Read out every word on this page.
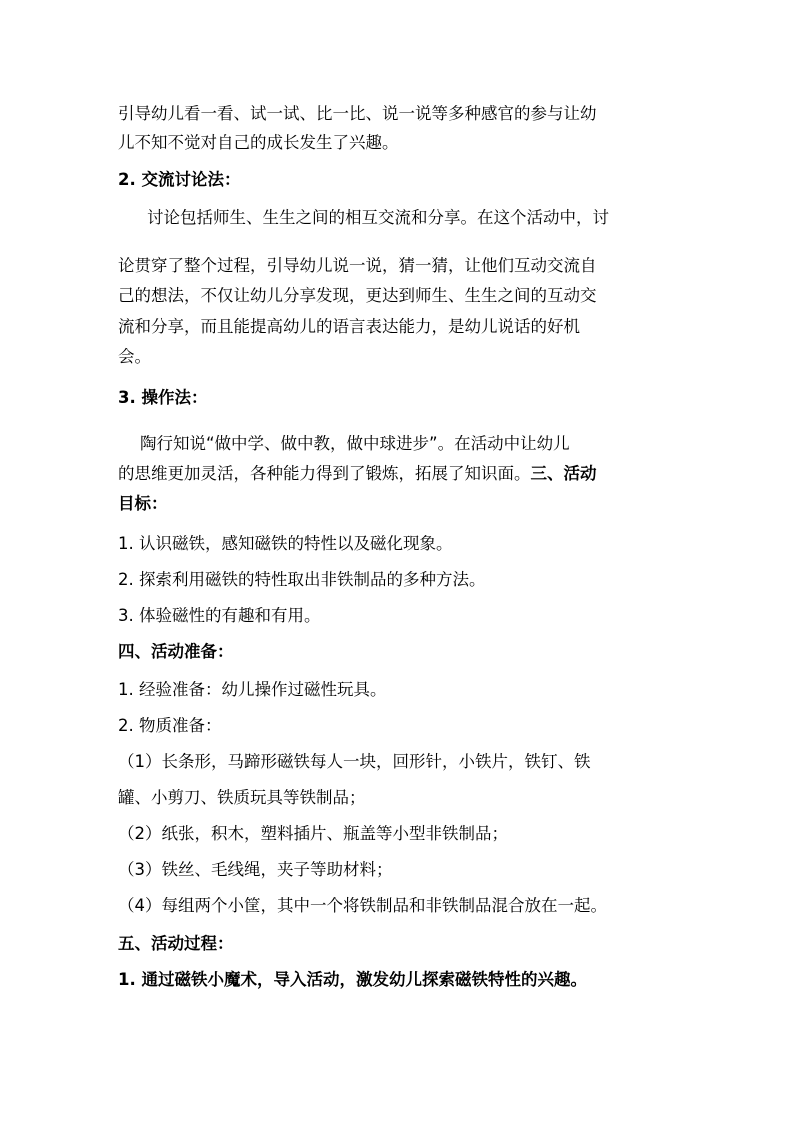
引导幼儿看一看、试一试、比一比、说一说等多种感官的参与让幼
儿不知不觉对自己的成长发生了兴趣。
2. 交流讨论法：
讨论包括师生、生生之间的相互交流和分享。在这个活动中，讨
论贯穿了整个过程，引导幼儿说一说，猜一猜，让他们互动交流自
己的想法，不仅让幼儿分享发现，更达到师生、生生之间的互动交
流和分享，而且能提高幼儿的语言表达能力，是幼儿说话的好机
会。
3. 操作法：
陶行知说“做中学、做中教，做中球进步”。在活动中让幼儿
的思维更加灵活，各种能力得到了锻炼，拓展了知识面。三、活动
目标：
1. 认识磁铁，感知磁铁的特性以及磁化现象。
2. 探索利用磁铁的特性取出非铁制品的多种方法。
3. 体验磁性的有趣和有用。
四、活动准备：
1. 经验准备：幼儿操作过磁性玩具。
2. 物质准备：
（1）长条形，马蹄形磁铁每人一块，回形针，小铁片，铁钉、铁
罐、小剪刀、铁质玩具等铁制品；
（2）纸张，积木，塑料插片、瓶盖等小型非铁制品；
（3）铁丝、毛线绳，夹子等助材料；
（4）每组两个小筐，其中一个将铁制品和非铁制品混合放在一起。
五、活动过程：
1. 通过磁铁小魔术，导入活动，激发幼儿探索磁铁特性的兴趣。
